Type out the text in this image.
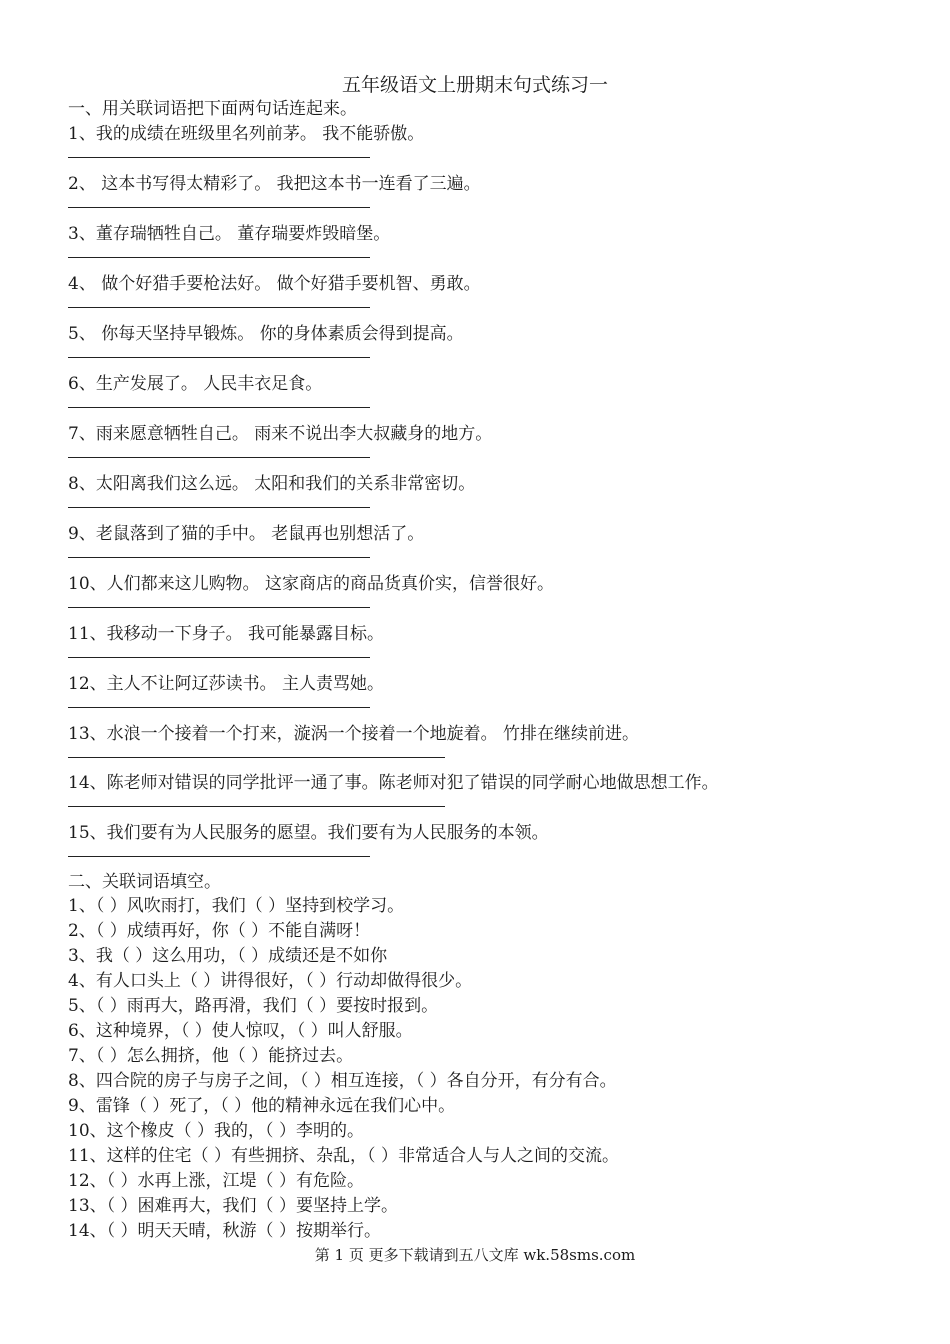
五年级语文上册期末句式练习一
一、用关联词语把下面两句话连起来。
1、我的成绩在班级里名列前茅。 我不能骄傲。
2、 这本书写得太精彩了。 我把这本书一连看了三遍。
3、董存瑞牺牲自己。 董存瑞要炸毁暗堡。
4、 做个好猎手要枪法好。 做个好猎手要机智、勇敢。
5、 你每天坚持早锻炼。 你的身体素质会得到提高。
6、生产发展了。 人民丰衣足食。
7、雨来愿意牺牲自己。 雨来不说出李大叔藏身的地方。
8、太阳离我们这么远。 太阳和我们的关系非常密切。
9、老鼠落到了猫的手中。 老鼠再也别想活了。
10、人们都来这儿购物。 这家商店的商品货真价实，信誉很好。
11、我移动一下身子。 我可能暴露目标。
12、主人不让阿辽莎读书。 主人责骂她。
13、水浪一个接着一个打来，漩涡一个接着一个地旋着。 竹排在继续前进。
14、陈老师对错误的同学批评一通了事。陈老师对犯了错误的同学耐心地做思想工作。
15、我们要有为人民服务的愿望。我们要有为人民服务的本领。
二、关联词语填空。
1、（ ）风吹雨打，我们（ ）坚持到校学习。
2、（ ）成绩再好，你（ ）不能自满呀！
3、我（ ）这么用功，（ ）成绩还是不如你
4、有人口头上（ ）讲得很好，（ ）行动却做得很少。
5、（ ）雨再大，路再滑，我们（ ）要按时报到。
6、这种境界，（ ）使人惊叹，（ ）叫人舒服。
7、（ ）怎么拥挤，他（ ）能挤过去。
8、四合院的房子与房子之间，（ ）相互连接，（ ）各自分开，有分有合。
9、雷锋（ ）死了，（ ）他的精神永远在我们心中。
10、这个橡皮（ ）我的，（ ）李明的。
11、这样的住宅（ ）有些拥挤、杂乱，（ ）非常适合人与人之间的交流。
12、（ ）水再上涨，江堤（ ）有危险。
13、（ ）困难再大，我们（ ）要坚持上学。
14、（ ）明天天晴，秋游（ ）按期举行。
第 1 页 更多下载请到五八文库 wk.58sms.com
